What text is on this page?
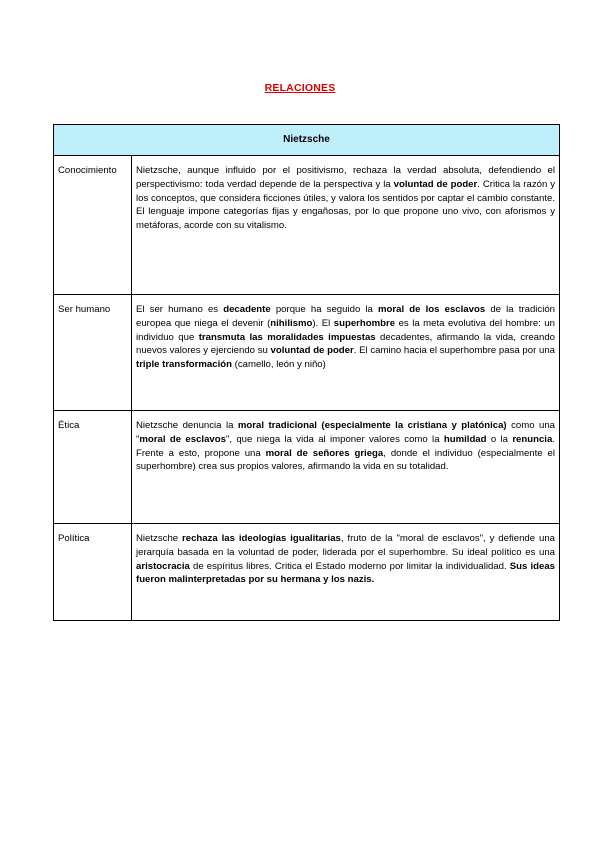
RELACIONES
Nietzsche	
Conocimiento	Nietzsche, aunque influido por el positivismo, rechaza la verdad absoluta, defendiendo el perspectivismo: toda verdad depende de la perspectiva y la voluntad de poder. Critica la razón y los conceptos, que considera ficciones útiles, y valora los sentidos por captar el cambio constante. El lenguaje impone categorías fijas y engañosas, por lo que propone uno vivo, con aforismos y metáforas, acorde con su vitalismo.

Ser humano	El ser humano es decadente porque ha seguido la moral de los esclavos de la tradición europea que niega el devenir (nihilismo). El superhombre es la meta evolutiva del hombre: un individuo que transmuta las moralidades impuestas decadentes, afirmando la vida, creando nuevos valores y ejerciendo su voluntad de poder. El camino hacia el superhombre pasa por una triple transformación (camello, león y niño)

Ética	Nietzsche denuncia la moral tradicional (especialmente la cristiana y platónica) como una "moral de esclavos", que niega la vida al imponer valores como la humildad o la renuncia. Frente a esto, propone una moral de señores griega, donde el individuo (especialmente el superhombre) crea sus propios valores, afirmando la vida en su totalidad.

Política	Nietzsche rechaza las ideologías igualitarias, fruto de la "moral de esclavos", y defiende una jerarquía basada en la voluntad de poder, liderada por el superhombre. Su ideal político es una aristocracia de espíritus libres. Critica el Estado moderno por limitar la individualidad. Sus ideas fueron malinterpretadas por su hermana y los nazis.
